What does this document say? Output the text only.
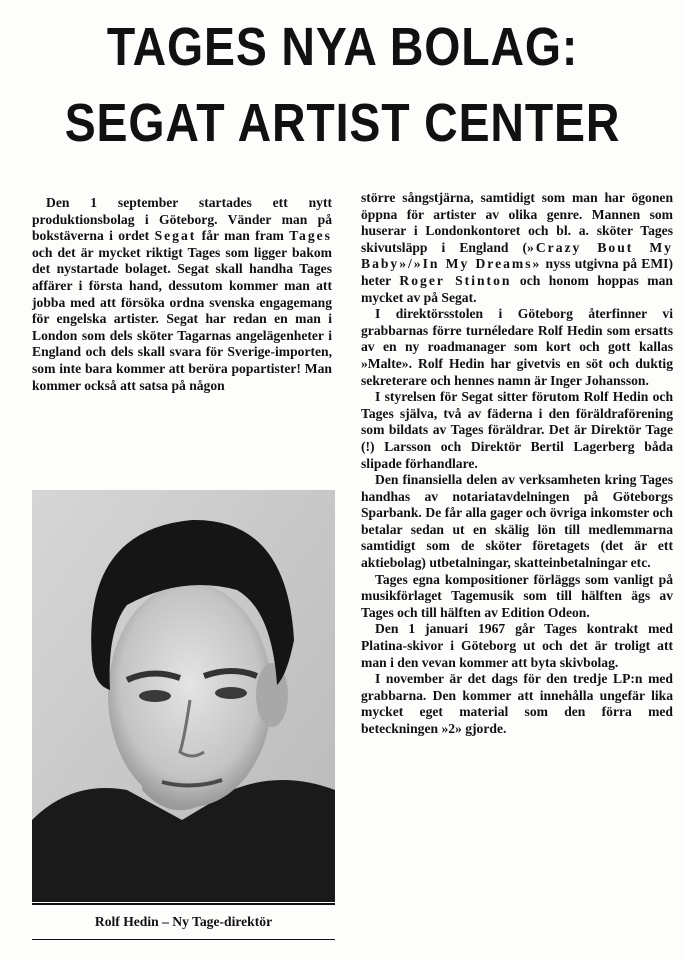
TAGES NYA BOLAG:
SEGAT ARTIST CENTER

Den 1 september startades ett nytt produktionsbolag i Göteborg. Vänder man på bokstäverna i ordet Segat får man fram Tages och det är mycket riktigt Tages som ligger bakom det nystartade bolaget. Segat skall handha Tages affärer i första hand, dessutom kommer man att jobba med att försöka ordna svenska engagemang för engelska artister. Segat har redan en man i London som dels sköter Tagarnas angelägenheter i England och dels skall svara för Sverige-importen, som inte bara kommer att beröra popartister! Man kommer också att satsa på någon

Rolf Hedin – Ny Tage-direktör

större sångstjärna, samtidigt som man har ögonen öppna för artister av olika genre. Mannen som huserar i Londonkontoret och bl. a. sköter Tages skivutsläpp i England (»Crazy Bout My Baby»/»In My Dreams» nyss utgivna på EMI) heter Roger Stinton och honom hoppas man mycket av på Segat.

I direktörsstolen i Göteborg återfinner vi grabbarnas förre turnéledare Rolf Hedin som ersatts av en ny roadmanager som kort och gott kallas »Malte». Rolf Hedin har givetvis en söt och duktig sekreterare och hennes namn är Inger Johansson.

I styrelsen för Segat sitter förutom Rolf Hedin och Tages själva, två av fäderna i den föräldraförening som bildats av Tages föräldrar. Det är Direktör Tage (!) Larsson och Direktör Bertil Lagerberg båda slipade förhandlare.

Den finansiella delen av verksamheten kring Tages handhas av notariatavdelningen på Göteborgs Sparbank. De får alla gager och övriga inkomster och betalar sedan ut en skälig lön till medlemmarna samtidigt som de sköter företagets (det är ett aktiebolag) utbetalningar, skatteinbetalningar etc.

Tages egna kompositioner förläggs som vanligt på musikförlaget Tagemusik som till hälften ägs av Tages och till hälften av Edition Odeon.

Den 1 januari 1967 går Tages kontrakt med Platina-skivor i Göteborg ut och det är troligt att man i den vevan kommer att byta skivbolag.

I november är det dags för den tredje LP:n med grabbarna. Den kommer att innehålla ungefär lika mycket eget material som den förra med beteckningen »2» gjorde.
